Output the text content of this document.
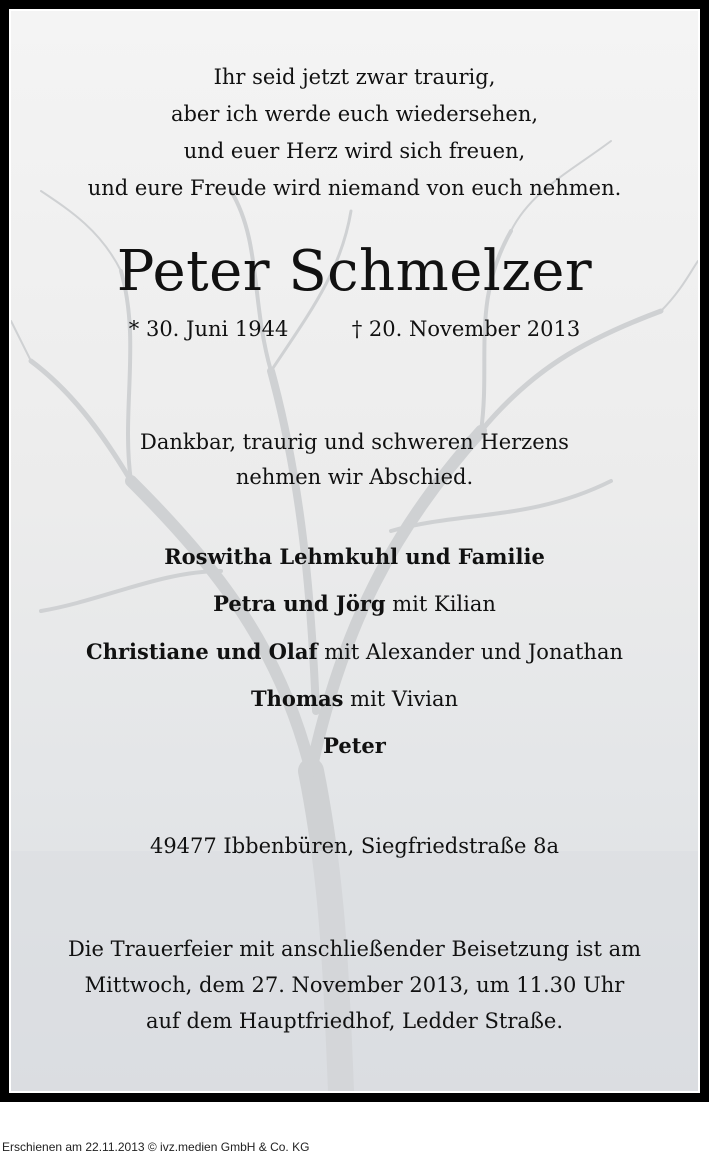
Ihr seid jetzt zwar traurig,
aber ich werde euch wiedersehen,
und euer Herz wird sich freuen,
und eure Freude wird niemand von euch nehmen.
Peter Schmelzer
* 30. Juni 1944	† 20. November 2013
Dankbar, traurig und schweren Herzens
nehmen wir Abschied.
Roswitha Lehmkuhl und Familie
Petra und Jörg mit Kilian
Christiane und Olaf mit Alexander und Jonathan
Thomas mit Vivian
Peter
49477 Ibbenbüren, Siegfriedstraße 8a
Die Trauerfeier mit anschließender Beisetzung ist am
Mittwoch, dem 27. November 2013, um 11.30 Uhr
auf dem Hauptfriedhof, Ledder Straße.
Erschienen am 22.11.2013 © ivz.medien GmbH & Co. KG
